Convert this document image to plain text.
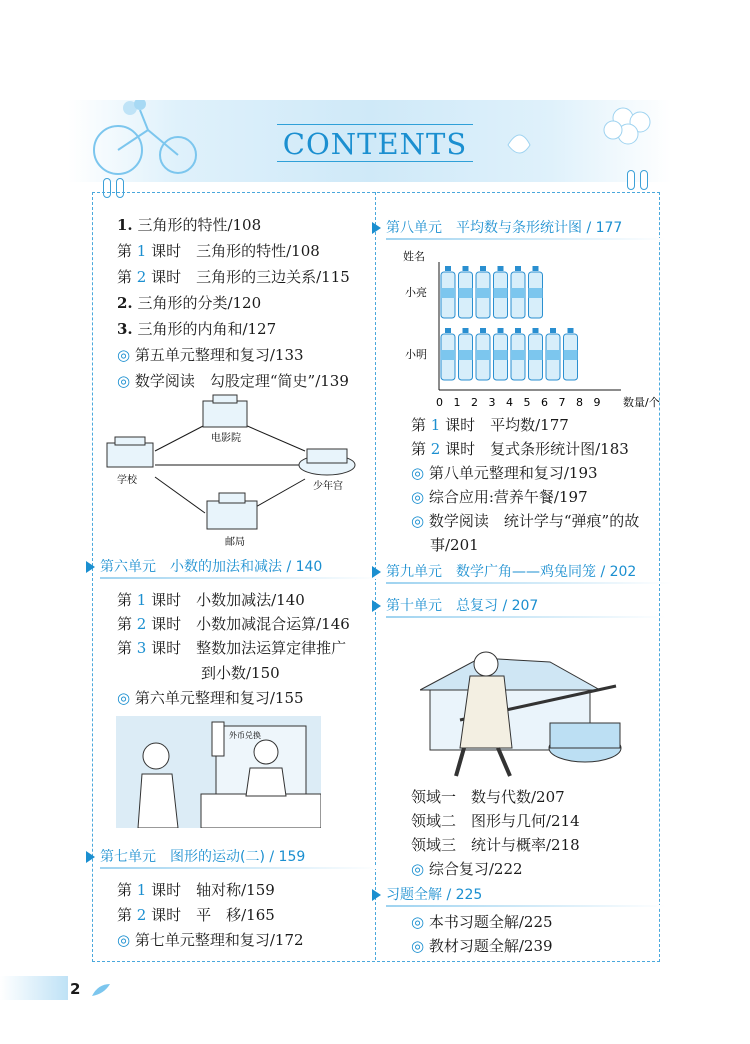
CONTENTS
1. 三角形的特性/108
第 1 课时　三角形的特性/108
第 2 课时　三角形的三边关系/115
2. 三角形的分类/120
3. 三角形的内角和/127
◎ 第五单元整理和复习/133
◎ 数学阅读　勾股定理“简史”/139
电影院
学校
少年宫
邮局
第六单元　小数的加法和减法 / 140
第 1 课时　小数加减法/140
第 2 课时　小数加减混合运算/146
第 3 课时　整数加法运算定律推广
到小数/150
◎ 第六单元整理和复习/155
外币兑换
第七单元　图形的运动(二) / 159
第 1 课时　轴对称/159
第 2 课时　平　移/165
◎ 第七单元整理和复习/172
第八单元　平均数与条形统计图 / 177
姓名
数量/个
0 1 2 3 4 5 6 7 8 9
小亮
小明
第 1 课时　平均数/177
第 2 课时　复式条形统计图/183
◎ 第八单元整理和复习/193
◎ 综合应用:营养午餐/197
◎ 数学阅读　统计学与“弹痕”的故
事/201
第九单元　数学广角——鸡兔同笼 / 202
第十单元　总复习 / 207
领域一　数与代数/207
领域二　图形与几何/214
领域三　统计与概率/218
◎ 综合复习/222
习题全解 / 225
◎ 本书习题全解/225
◎ 教材习题全解/239
2
